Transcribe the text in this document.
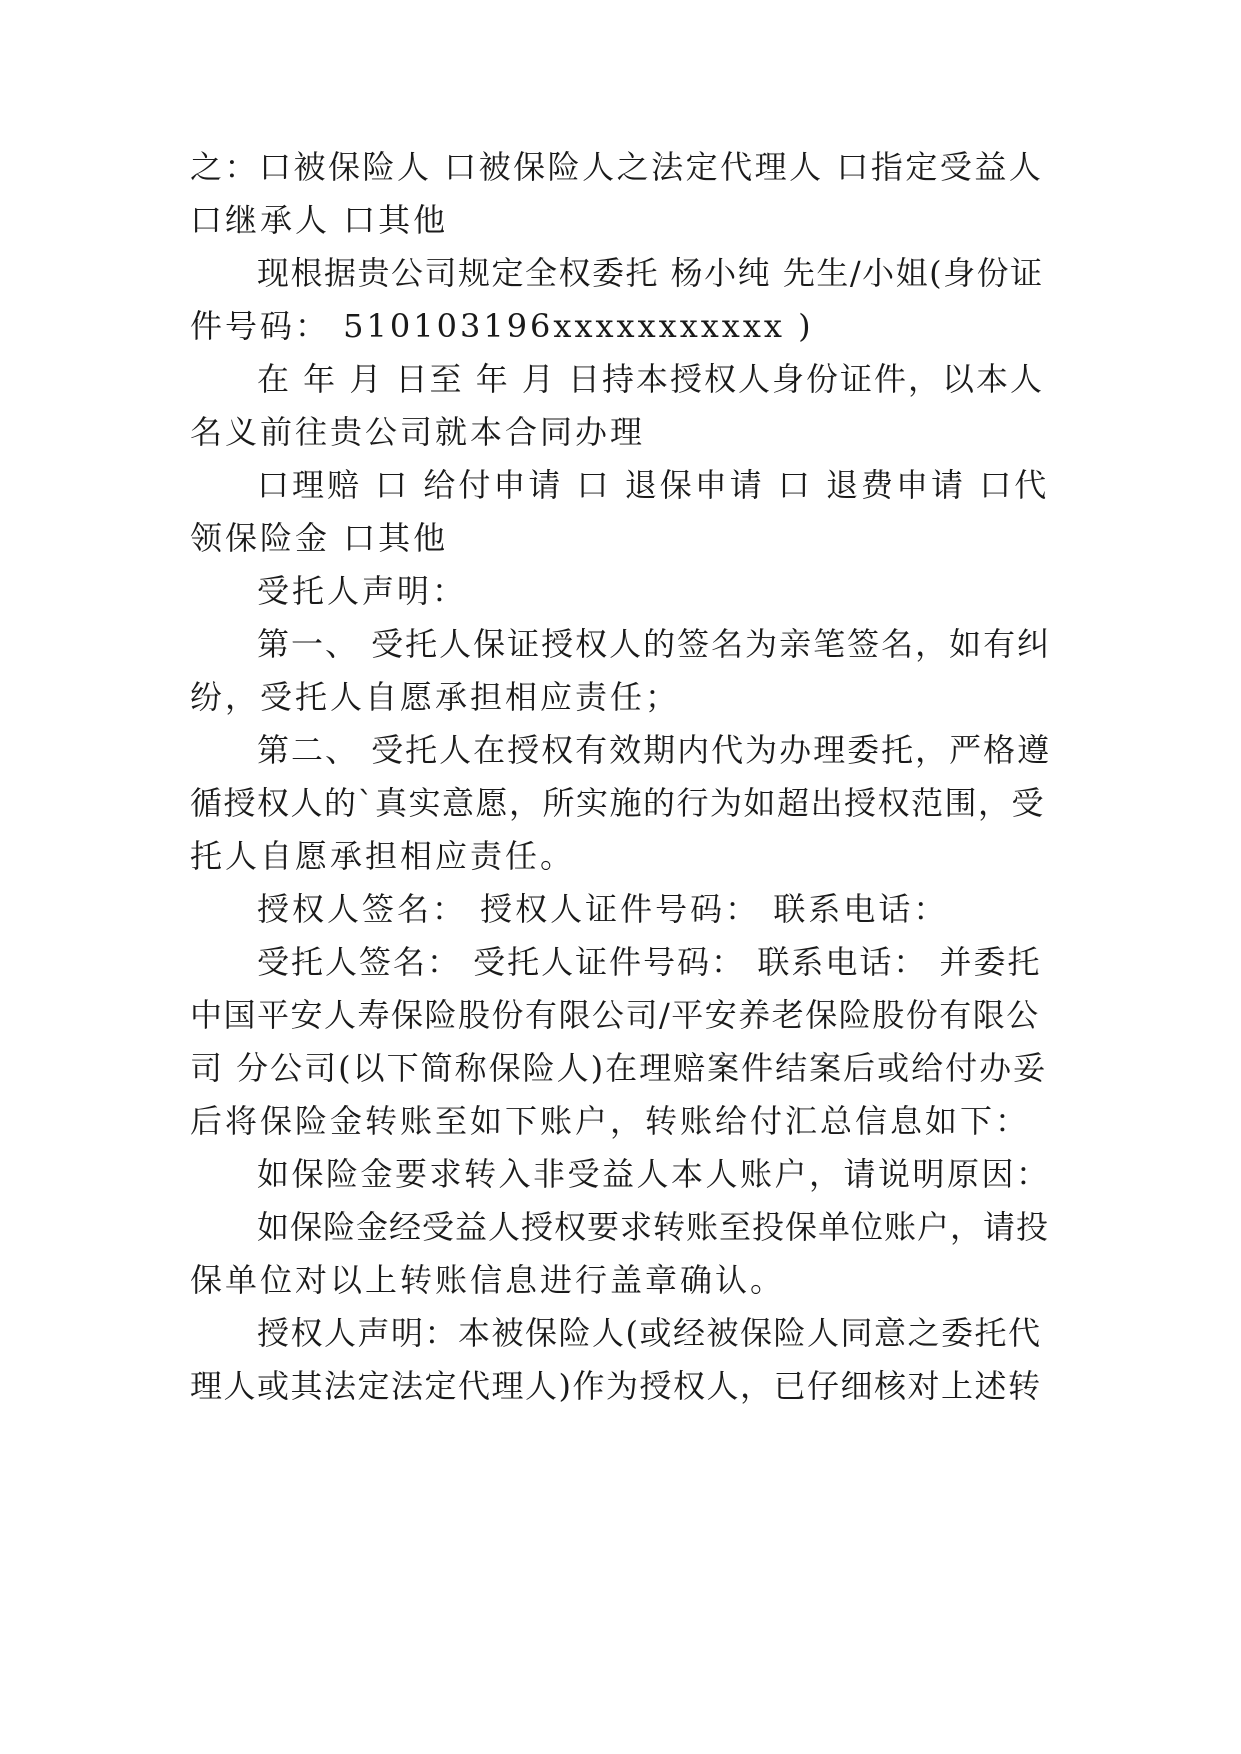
之：口被保险人 口被保险人之法定代理人 口指定受益人
口继承人 口其他
现根据贵公司规定全权委托 杨小纯 先生/小姐(身份证
件号码： 510103196xxxxxxxxxxx )
在 年 月 日至 年 月 日持本授权人身份证件，以本人
名义前往贵公司就本合同办理
口理赔 口 给付申请 口 退保申请 口 退费申请 口代
领保险金 口其他
受托人声明：
第一、 受托人保证授权人的签名为亲笔签名，如有纠
纷，受托人自愿承担相应责任；
第二、 受托人在授权有效期内代为办理委托，严格遵
循授权人的`真实意愿，所实施的行为如超出授权范围，受
托人自愿承担相应责任。
授权人签名： 授权人证件号码： 联系电话：
受托人签名： 受托人证件号码： 联系电话： 并委托
中国平安人寿保险股份有限公司/平安养老保险股份有限公
司 分公司(以下简称保险人)在理赔案件结案后或给付办妥
后将保险金转账至如下账户，转账给付汇总信息如下：
如保险金要求转入非受益人本人账户，请说明原因：
如保险金经受益人授权要求转账至投保单位账户，请投
保单位对以上转账信息进行盖章确认。
授权人声明：本被保险人(或经被保险人同意之委托代
理人或其法定法定代理人)作为授权人，已仔细核对上述转
